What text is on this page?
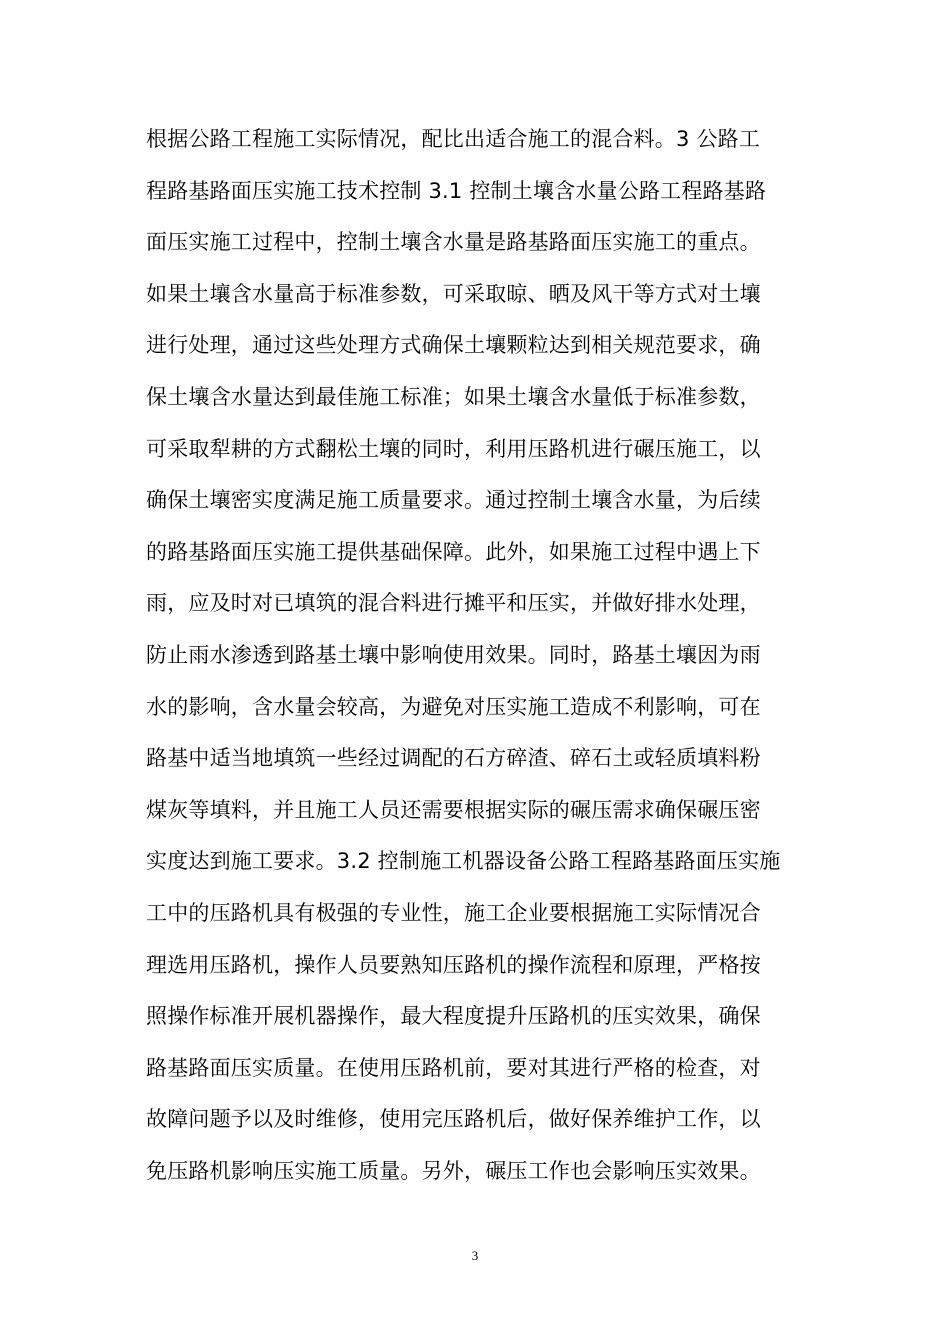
根据公路工程施工实际情况，配比出适合施工的混合料。3 公路工
程路基路面压实施工技术控制 3.1 控制土壤含水量公路工程路基路
面压实施工过程中，控制土壤含水量是路基路面压实施工的重点。
如果土壤含水量高于标准参数，可采取晾、晒及风干等方式对土壤
进行处理，通过这些处理方式确保土壤颗粒达到相关规范要求，确
保土壤含水量达到最佳施工标准；如果土壤含水量低于标准参数，
可采取犁耕的方式翻松土壤的同时，利用压路机进行碾压施工，以
确保土壤密实度满足施工质量要求。通过控制土壤含水量，为后续
的路基路面压实施工提供基础保障。此外，如果施工过程中遇上下
雨，应及时对已填筑的混合料进行摊平和压实，并做好排水处理，
防止雨水渗透到路基土壤中影响使用效果。同时，路基土壤因为雨
水的影响，含水量会较高，为避免对压实施工造成不利影响，可在
路基中适当地填筑一些经过调配的石方碎渣、碎石土或轻质填料粉
煤灰等填料，并且施工人员还需要根据实际的碾压需求确保碾压密
实度达到施工要求。3.2 控制施工机器设备公路工程路基路面压实施
工中的压路机具有极强的专业性，施工企业要根据施工实际情况合
理选用压路机，操作人员要熟知压路机的操作流程和原理，严格按
照操作标准开展机器操作，最大程度提升压路机的压实效果，确保
路基路面压实质量。在使用压路机前，要对其进行严格的检查，对
故障问题予以及时维修，使用完压路机后，做好保养维护工作，以
免压路机影响压实施工质量。另外，碾压工作也会影响压实效果。
3
